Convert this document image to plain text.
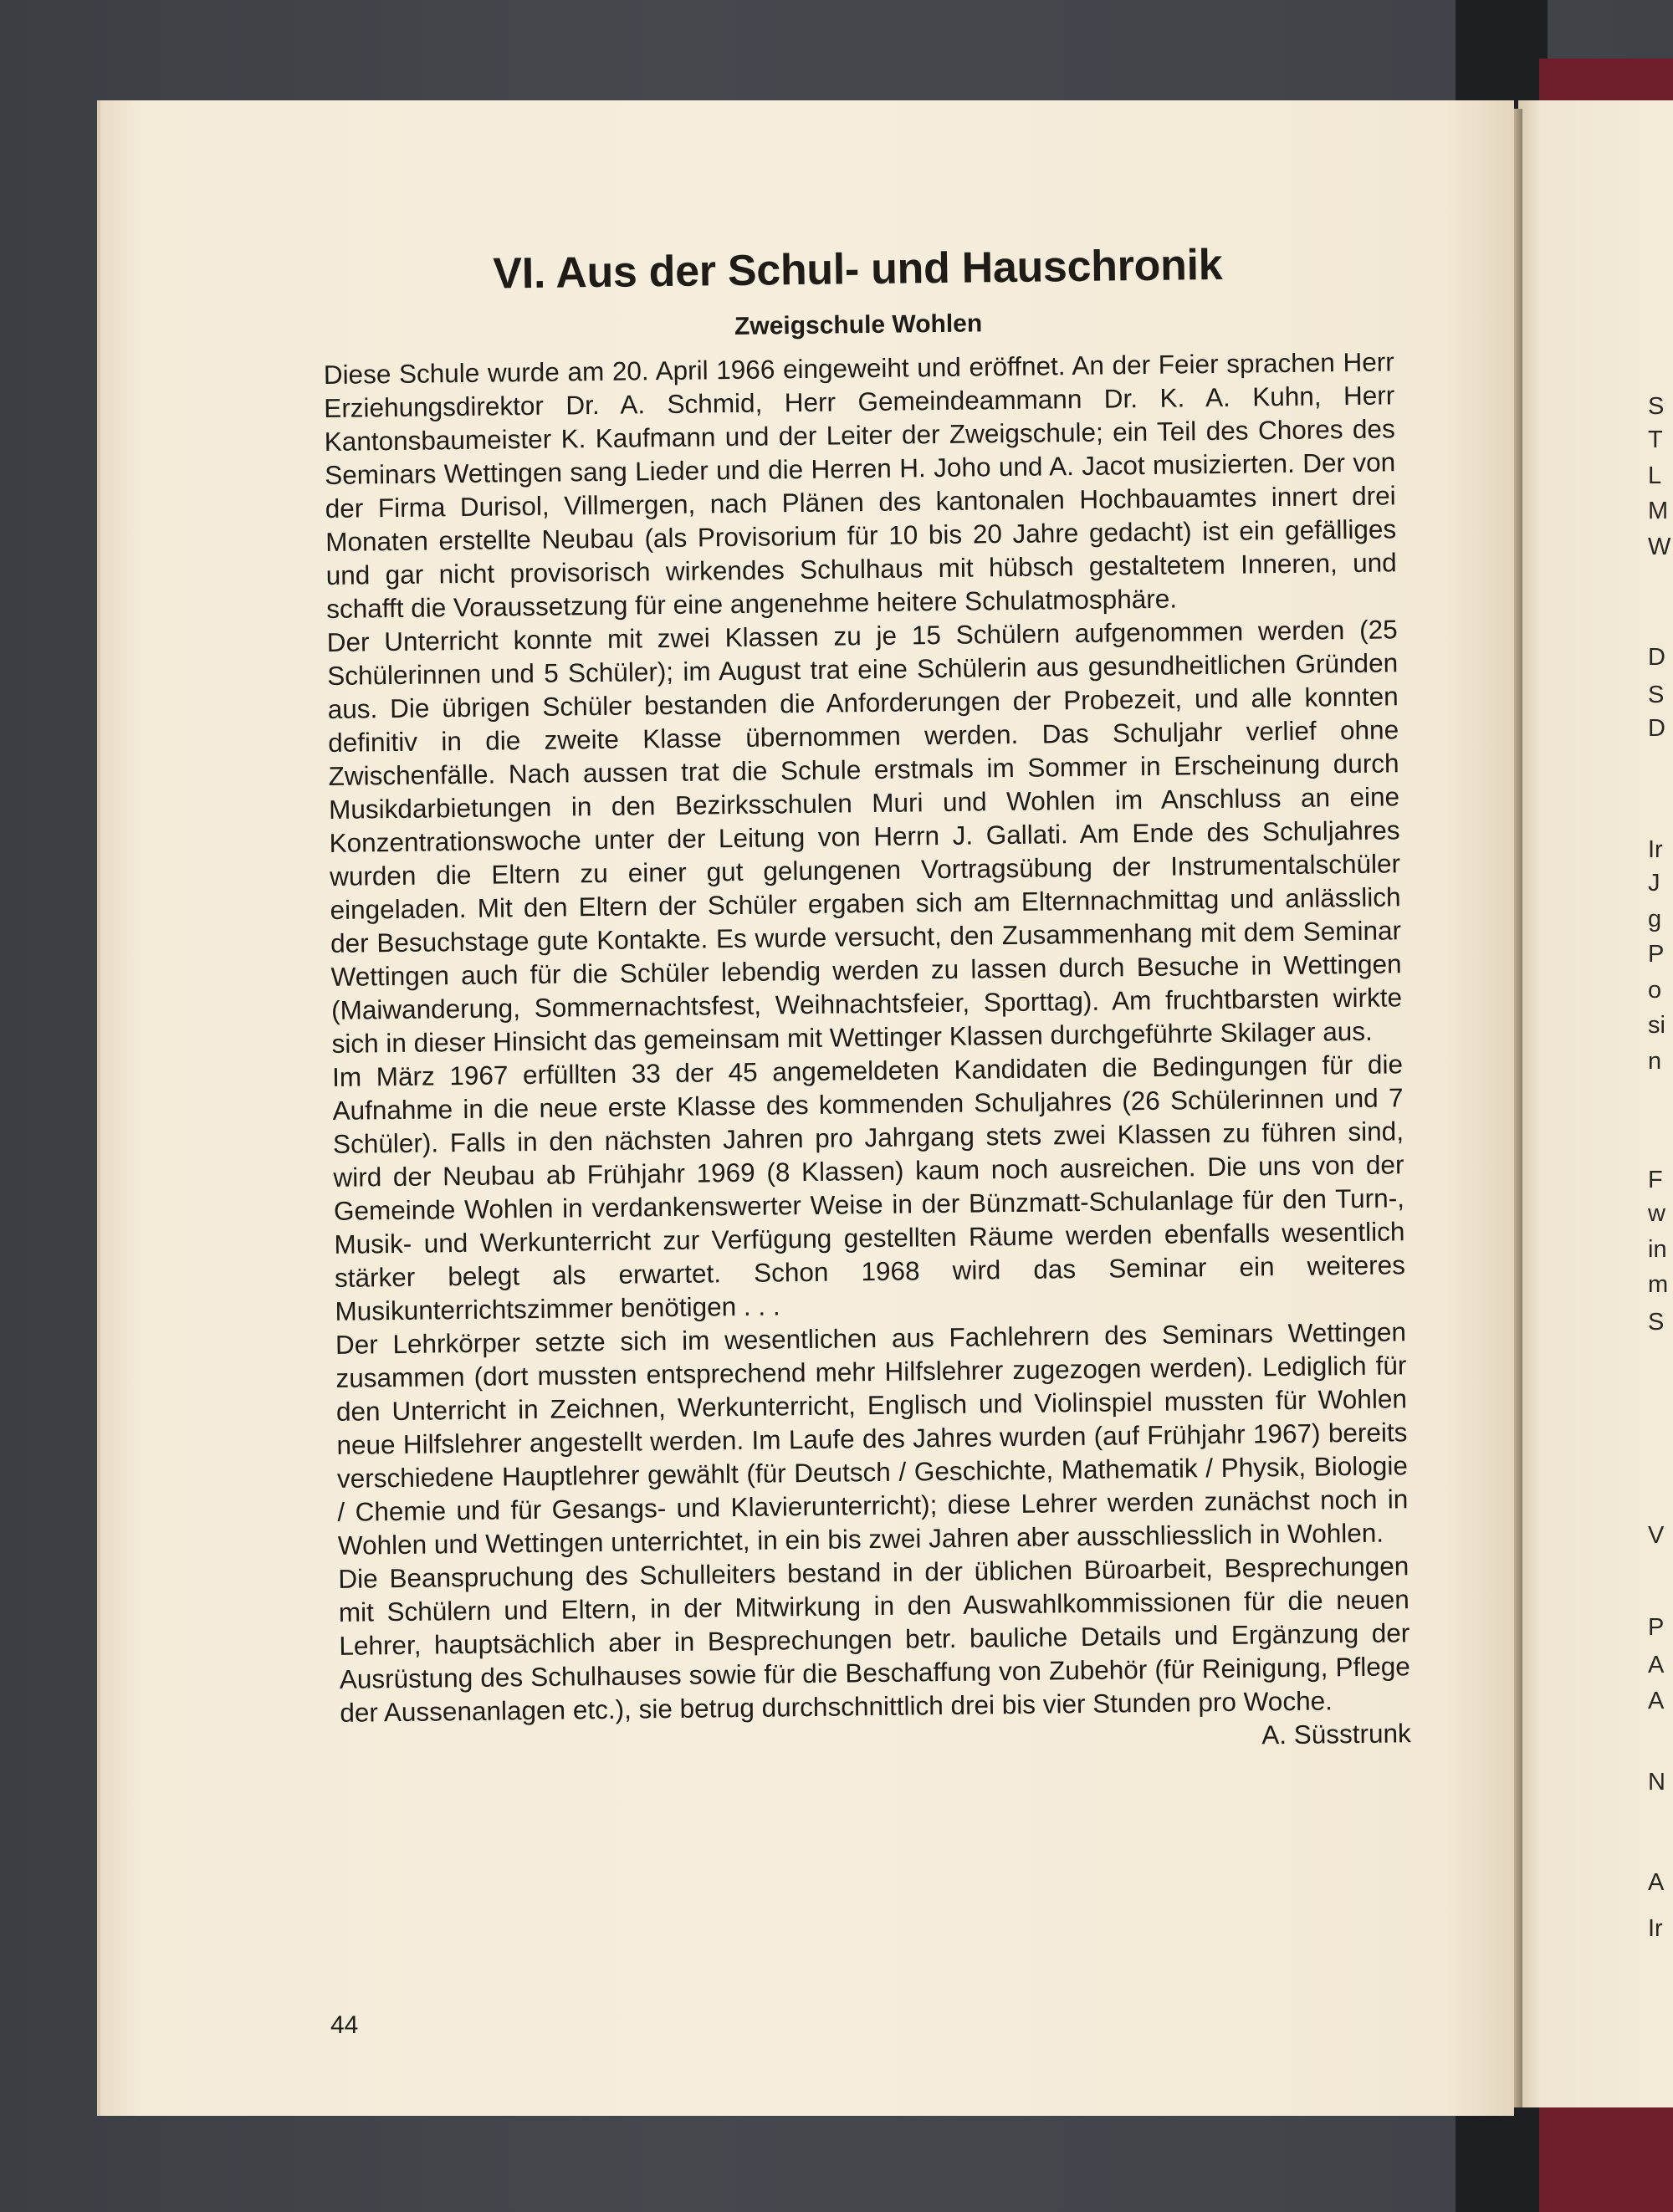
VI. Aus der Schul- und Hauschronik
Zweigschule Wohlen

Diese Schule wurde am 20. April 1966 eingeweiht und eröffnet. An der Feier sprachen Herr Erziehungsdirektor Dr. A. Schmid, Herr Gemeindeammann Dr. K. A. Kuhn, Herr Kantonsbaumeister K. Kaufmann und der Leiter der Zweigschule; ein Teil des Chores des Seminars Wettingen sang Lieder und die Herren H. Joho und A. Jacot musizierten. Der von der Firma Durisol, Villmergen, nach Plänen des kantonalen Hochbauamtes innert drei Monaten erstellte Neubau (als Provisorium für 10 bis 20 Jahre gedacht) ist ein gefälliges und gar nicht provisorisch wirkendes Schulhaus mit hübsch gestaltetem Inneren, und schafft die Voraussetzung für eine angenehme heitere Schulatmosphäre.

Der Unterricht konnte mit zwei Klassen zu je 15 Schülern aufgenommen werden (25 Schülerinnen und 5 Schüler); im August trat eine Schülerin aus gesundheitlichen Gründen aus. Die übrigen Schüler bestanden die Anforderungen der Probezeit, und alle konnten definitiv in die zweite Klasse übernommen werden. Das Schuljahr verlief ohne Zwischenfälle. Nach aussen trat die Schule erstmals im Sommer in Erscheinung durch Musikdarbietungen in den Bezirksschulen Muri und Wohlen im Anschluss an eine Konzentrationswoche unter der Leitung von Herrn J. Gallati. Am Ende des Schuljahres wurden die Eltern zu einer gut gelungenen Vortragsübung der Instrumentalschüler eingeladen. Mit den Eltern der Schüler ergaben sich am Elternnachmittag und anlässlich der Besuchstage gute Kontakte. Es wurde versucht, den Zusammenhang mit dem Seminar Wettingen auch für die Schüler lebendig werden zu lassen durch Besuche in Wettingen (Maiwanderung, Sommernachtsfest, Weihnachtsfeier, Sporttag). Am fruchtbarsten wirkte sich in dieser Hinsicht das gemeinsam mit Wettinger Klassen durchgeführte Skilager aus.

Im März 1967 erfüllten 33 der 45 angemeldeten Kandidaten die Bedingungen für die Aufnahme in die neue erste Klasse des kommenden Schuljahres (26 Schülerinnen und 7 Schüler). Falls in den nächsten Jahren pro Jahrgang stets zwei Klassen zu führen sind, wird der Neubau ab Frühjahr 1969 (8 Klassen) kaum noch ausreichen. Die uns von der Gemeinde Wohlen in verdankenswerter Weise in der Bünzmatt-Schulanlage für den Turn-, Musik- und Werkunterricht zur Verfügung gestellten Räume werden ebenfalls wesentlich stärker belegt als erwartet. Schon 1968 wird das Seminar ein weiteres Musikunterrichtszimmer benötigen . . .

Der Lehrkörper setzte sich im wesentlichen aus Fachlehrern des Seminars Wettingen zusammen (dort mussten entsprechend mehr Hilfslehrer zugezogen werden). Lediglich für den Unterricht in Zeichnen, Werkunterricht, Englisch und Violinspiel mussten für Wohlen neue Hilfslehrer angestellt werden. Im Laufe des Jahres wurden (auf Frühjahr 1967) bereits verschiedene Hauptlehrer gewählt (für Deutsch / Geschichte, Mathematik / Physik, Biologie / Chemie und für Gesangs- und Klavierunterricht); diese Lehrer werden zunächst noch in Wohlen und Wettingen unterrichtet, in ein bis zwei Jahren aber ausschliesslich in Wohlen.

Die Beanspruchung des Schulleiters bestand in der üblichen Büroarbeit, Besprechungen mit Schülern und Eltern, in der Mitwirkung in den Auswahlkommissionen für die neuen Lehrer, hauptsächlich aber in Besprechungen betr. bauliche Details und Ergänzung der Ausrüstung des Schulhauses sowie für die Beschaffung von Zubehör (für Reinigung, Pflege der Aussenanlagen etc.), sie betrug durchschnittlich drei bis vier Stunden pro Woche.
A. Süsstrunk

44
S
T
L
M
W
D
S
D
Ir
J
g
P
o
si
n
F
w
in
m
S
V
P
A
A
N
A
Ir
